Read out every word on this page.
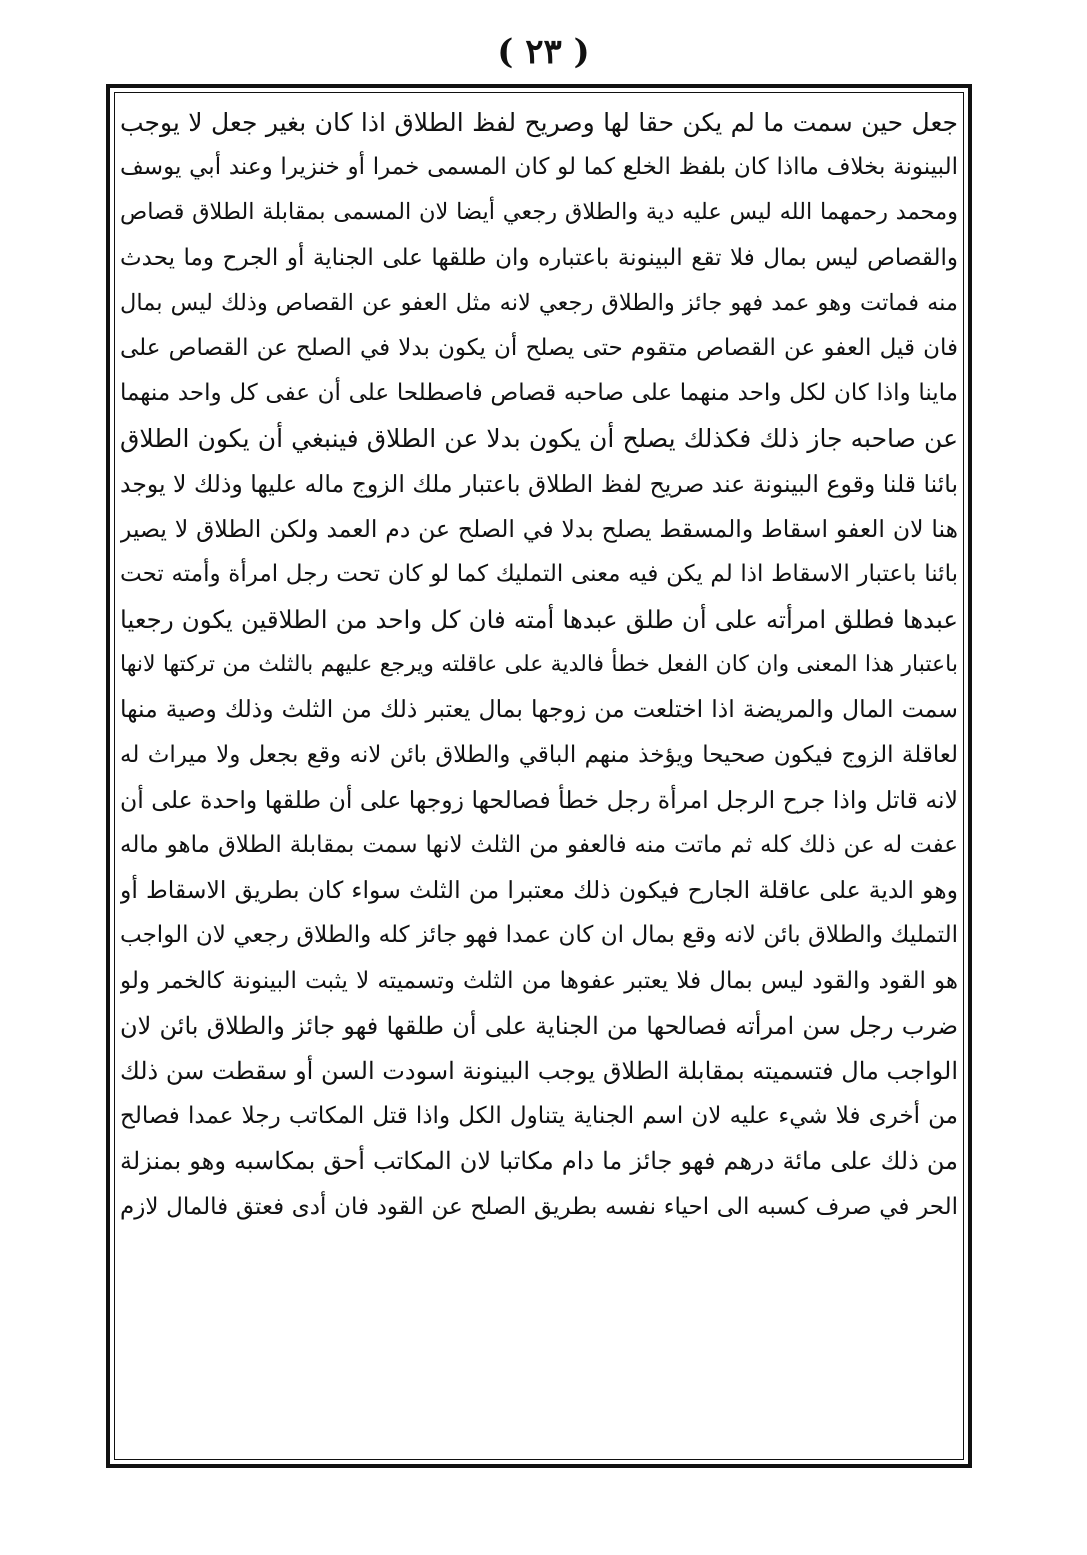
( ٢٣ )
جعل حين سمت ما لم يكن حقا لها وصريح لفظ الطلاق اذا كان بغير جعل لا يوجب
البينونة بخلاف مااذا كان بلفظ الخلع كما لو كان المسمى خمرا أو خنزيرا وعند أبي يوسف
ومحمد رحمهما الله ليس عليه دية والطلاق رجعي أيضا لان المسمى بمقابلة الطلاق قصاص
والقصاص ليس بمال فلا تقع البينونة باعتباره وان طلقها على الجناية أو الجرح وما يحدث
منه فماتت وهو عمد فهو جائز والطلاق رجعي لانه مثل العفو عن القصاص وذلك ليس بمال
فان قيل العفو عن القصاص متقوم حتى يصلح أن يكون بدلا في الصلح عن القصاص على
ماينا واذا كان لكل واحد منهما على صاحبه قصاص فاصطلحا على أن عفى كل واحد منهما
عن صاحبه جاز ذلك فكذلك يصلح أن يكون بدلا عن الطلاق فينبغي أن يكون الطلاق
بائنا قلنا وقوع البينونة عند صريح لفظ الطلاق باعتبار ملك الزوج ماله عليها وذلك لا يوجد
هنا لان العفو اسقاط والمسقط يصلح بدلا في الصلح عن دم العمد ولكن الطلاق لا يصير
بائنا باعتبار الاسقاط اذا لم يكن فيه معنى التمليك كما لو كان تحت رجل امرأة وأمته تحت
عبدها فطلق امرأته على أن طلق عبدها أمته فان كل واحد من الطلاقين يكون رجعيا
باعتبار هذا المعنى وان كان الفعل خطأ فالدية على عاقلته ويرجع عليهم بالثلث من تركتها لانها
سمت المال والمريضة اذا اختلعت من زوجها بمال يعتبر ذلك من الثلث وذلك وصية منها
لعاقلة الزوج فيكون صحيحا ويؤخذ منهم الباقي والطلاق بائن لانه وقع بجعل ولا ميراث له
لانه قاتل واذا جرح الرجل امرأة رجل خطأ فصالحها زوجها على أن طلقها واحدة على أن
عفت له عن ذلك كله ثم ماتت منه فالعفو من الثلث لانها سمت بمقابلة الطلاق ماهو ماله
وهو الدية على عاقلة الجارح فيكون ذلك معتبرا من الثلث سواء كان بطريق الاسقاط أو
التمليك والطلاق بائن لانه وقع بمال ان كان عمدا فهو جائز كله والطلاق رجعي لان الواجب
هو القود والقود ليس بمال فلا يعتبر عفوها من الثلث وتسميته لا يثبت البينونة كالخمر ولو
ضرب رجل سن امرأته فصالحها من الجناية على أن طلقها فهو جائز والطلاق بائن لان
الواجب مال فتسميته بمقابلة الطلاق يوجب البينونة اسودت السن أو سقطت سن ذلك
من أخرى فلا شيء عليه لان اسم الجناية يتناول الكل واذا قتل المكاتب رجلا عمدا فصالح
من ذلك على مائة درهم فهو جائز ما دام مكاتبا لان المكاتب أحق بمكاسبه وهو بمنزلة
الحر في صرف كسبه الى احياء نفسه بطريق الصلح عن القود فان أدى فعتق فالمال لازم
